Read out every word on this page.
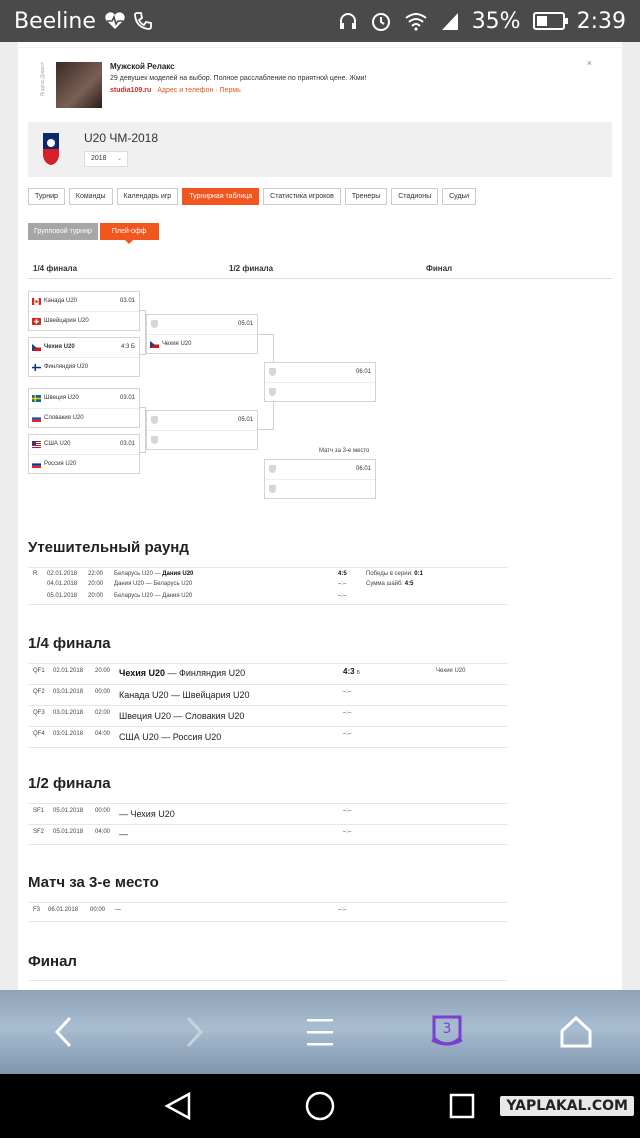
Beeline	35%	2:39
Яндекс.Директ	Мужской Релакс
29 девушек моделей на выбор. Полное расслабление по приятной цене. Жми!
studia109.ru Адрес и телефон · Пермь
×
U20 ЧМ-2018
2018 ⌄
Турнир	Команды	Календарь игр	Турнирная таблица	Статистика игроков	Тренеры	Стадионы	Судьи
Групповой турнир	Плей-офф
1/4 финала	1/2 финала	Финал
Канада U20	03.01
Швейцария U20
Чехия U20	4:3 Б
Финляндия U20
Швеция U20	03.01
Словакия U20
США U20	03.01
Россия U20
05.01
Чехия U20
05.01
06.01
Матч за 3-е место
06.01
Утешительный раунд
R 02.01.2018 22:00 Беларусь U20 — Дания U20	4:5	Победы в серии: 0:1
04.01.2018 20:00 Дания U20 — Беларусь U20	–:–	Сумма шайб: 4:5
05.01.2018 20:00 Беларусь U20 — Дания U20	–:–
1/4 финала
QF1 02.01.2018 20:00 Чехия U20 — Финляндия U20	4:3 Б	Чехия U20
QF2 03.01.2018 00:00 Канада U20 — Швейцария U20	–:–
QF3 03.01.2018 02:00 Швеция U20 — Словакия U20	–:–
QF4 03.01.2018 04:00 США U20 — Россия U20	–:–
1/2 финала
SF1 05.01.2018 00:00 — Чехия U20	–:–
SF2 05.01.2018 04:00 —	–:–
Матч за 3-е место
F3 06.01.2018 00:00 —	–:–
Финал
3
YAPLAKAL.COM
